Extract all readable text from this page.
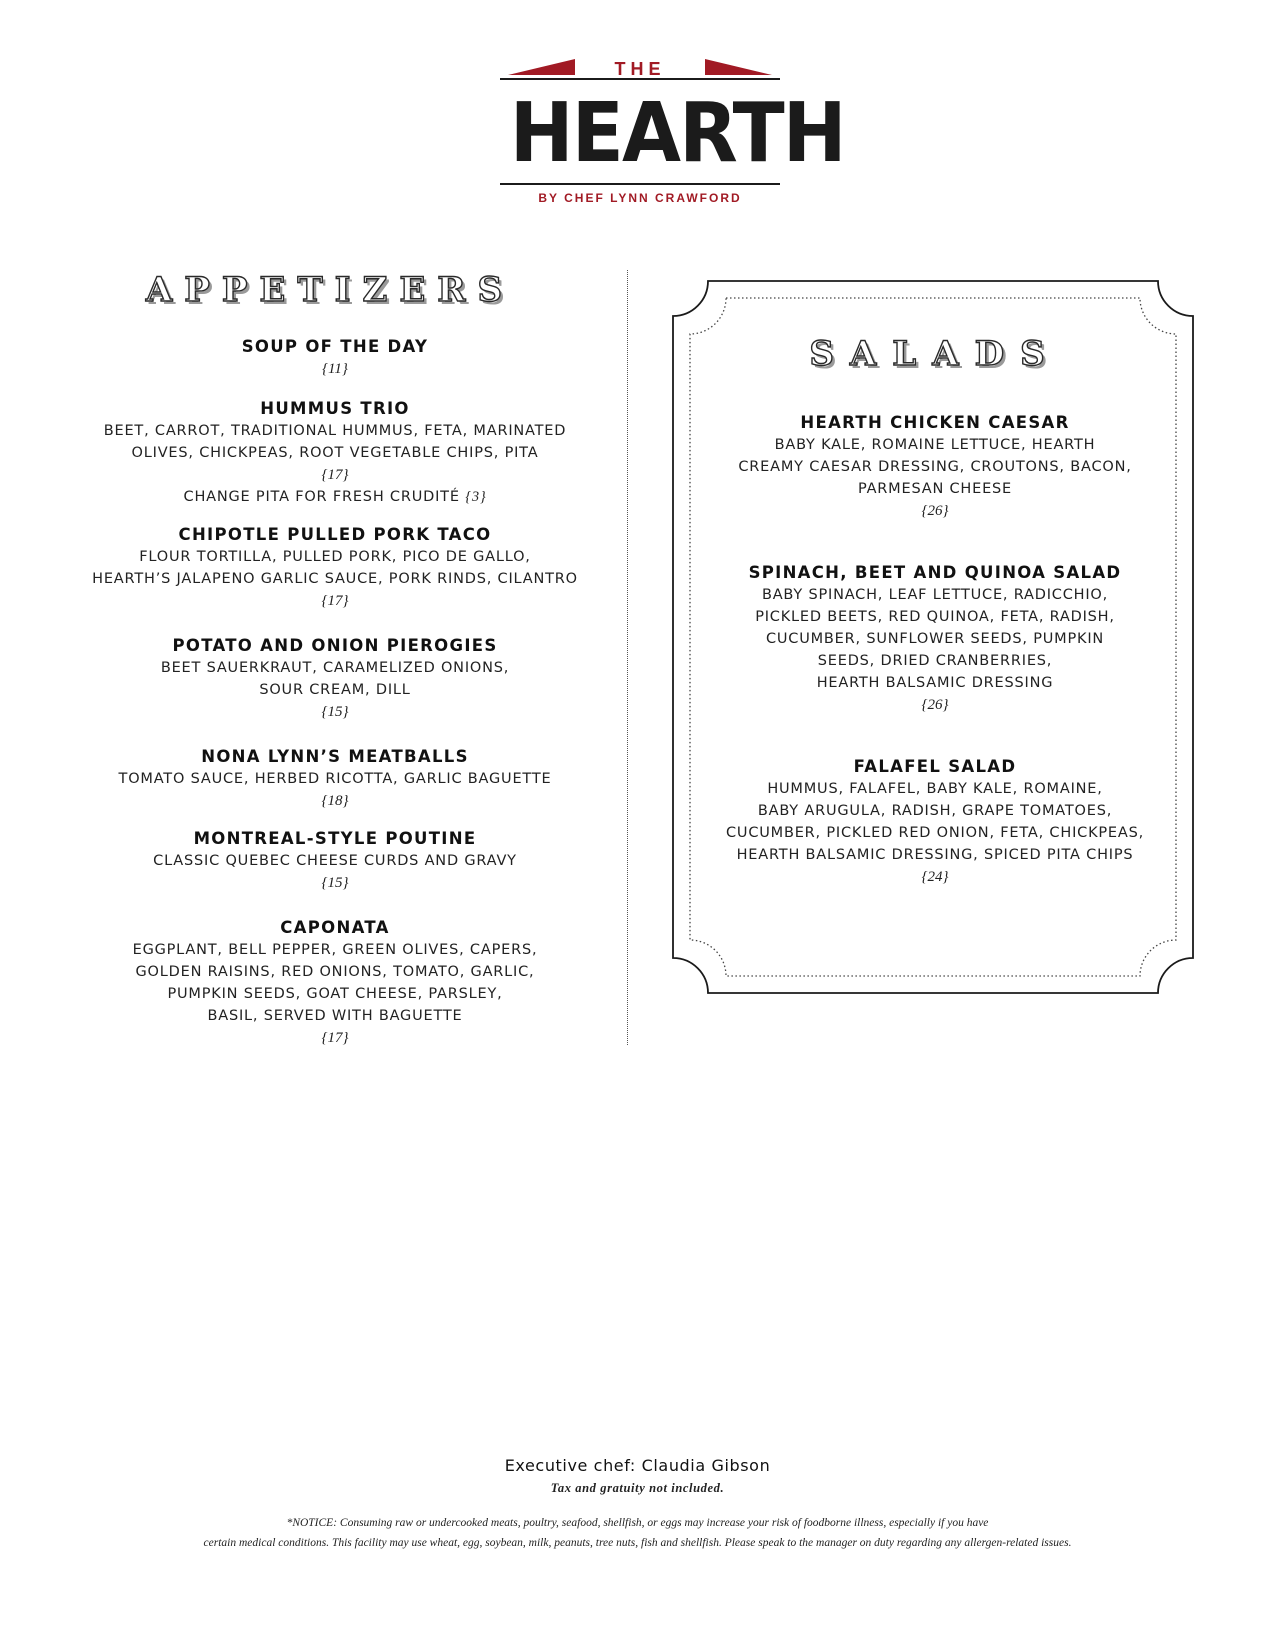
THE
HEARTH
BY CHEF LYNN CRAWFORD
APPETIZERS
SOUP OF THE DAY
{11}
HUMMUS TRIO
BEET, CARROT, TRADITIONAL HUMMUS, FETA, MARINATED
OLIVES, CHICKPEAS, ROOT VEGETABLE CHIPS, PITA
{17}
CHANGE PITA FOR FRESH CRUDITÉ {3}
CHIPOTLE PULLED PORK TACO
FLOUR TORTILLA, PULLED PORK, PICO DE GALLO,
HEARTH’S JALAPENO GARLIC SAUCE, PORK RINDS, CILANTRO
{17}
POTATO AND ONION PIEROGIES
BEET SAUERKRAUT, CARAMELIZED ONIONS,
SOUR CREAM, DILL
{15}
NONA LYNN’S MEATBALLS
TOMATO SAUCE, HERBED RICOTTA, GARLIC BAGUETTE
{18}
MONTREAL-STYLE POUTINE
CLASSIC QUEBEC CHEESE CURDS AND GRAVY
{15}
CAPONATA
EGGPLANT, BELL PEPPER, GREEN OLIVES, CAPERS,
GOLDEN RAISINS, RED ONIONS, TOMATO, GARLIC,
PUMPKIN SEEDS, GOAT CHEESE, PARSLEY,
BASIL, SERVED WITH BAGUETTE
{17}
SALADS
HEARTH CHICKEN CAESAR
BABY KALE, ROMAINE LETTUCE, HEARTH
CREAMY CAESAR DRESSING, CROUTONS, BACON,
PARMESAN CHEESE
{26}
SPINACH, BEET AND QUINOA SALAD
BABY SPINACH, LEAF LETTUCE, RADICCHIO,
PICKLED BEETS, RED QUINOA, FETA, RADISH,
CUCUMBER, SUNFLOWER SEEDS, PUMPKIN
SEEDS, DRIED CRANBERRIES,
HEARTH BALSAMIC DRESSING
{26}
FALAFEL SALAD
HUMMUS, FALAFEL, BABY KALE, ROMAINE,
BABY ARUGULA, RADISH, GRAPE TOMATOES,
CUCUMBER, PICKLED RED ONION, FETA, CHICKPEAS,
HEARTH BALSAMIC DRESSING, SPICED PITA CHIPS
{24}
Executive chef: Claudia Gibson
Tax and gratuity not included.
*NOTICE: Consuming raw or undercooked meats, poultry, seafood, shellfish, or eggs may increase your risk of foodborne illness, especially if you have
certain medical conditions. This facility may use wheat, egg, soybean, milk, peanuts, tree nuts, fish and shellfish. Please speak to the manager on duty regarding any allergen-related issues.
